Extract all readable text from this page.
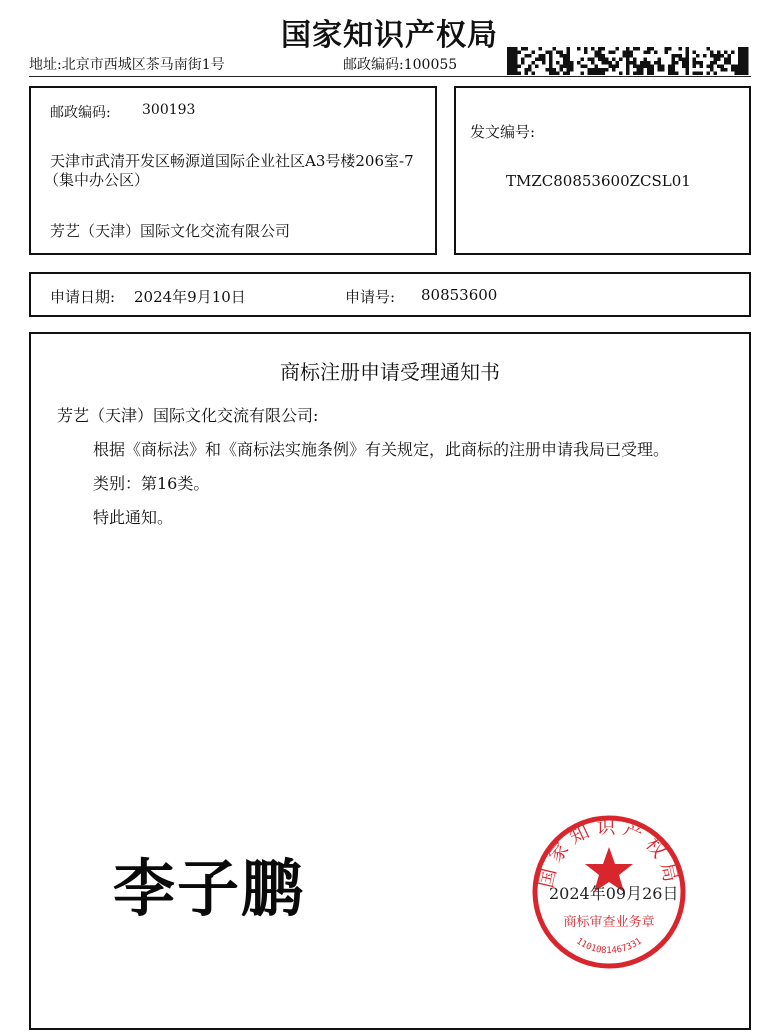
国家知识产权局
地址:北京市西城区茶马南街1号	邮政编码:100055
邮政编码: 300193
天津市武清开发区畅源道国际企业社区A3号楼206室-7
（集中办公区）
芳艺（天津）国际文化交流有限公司
发文编号:
TMZC80853600ZCSL01
申请日期: 2024年9月10日	申请号: 80853600
商标注册申请受理通知书
芳艺（天津）国际文化交流有限公司:
根据《商标法》和《商标法实施条例》有关规定，此商标的注册申请我局已受理。
类别：第16类。
特此通知。
李子鹏	国家知识产权局
商标审查业务章
1101081467331
2024年09月26日
